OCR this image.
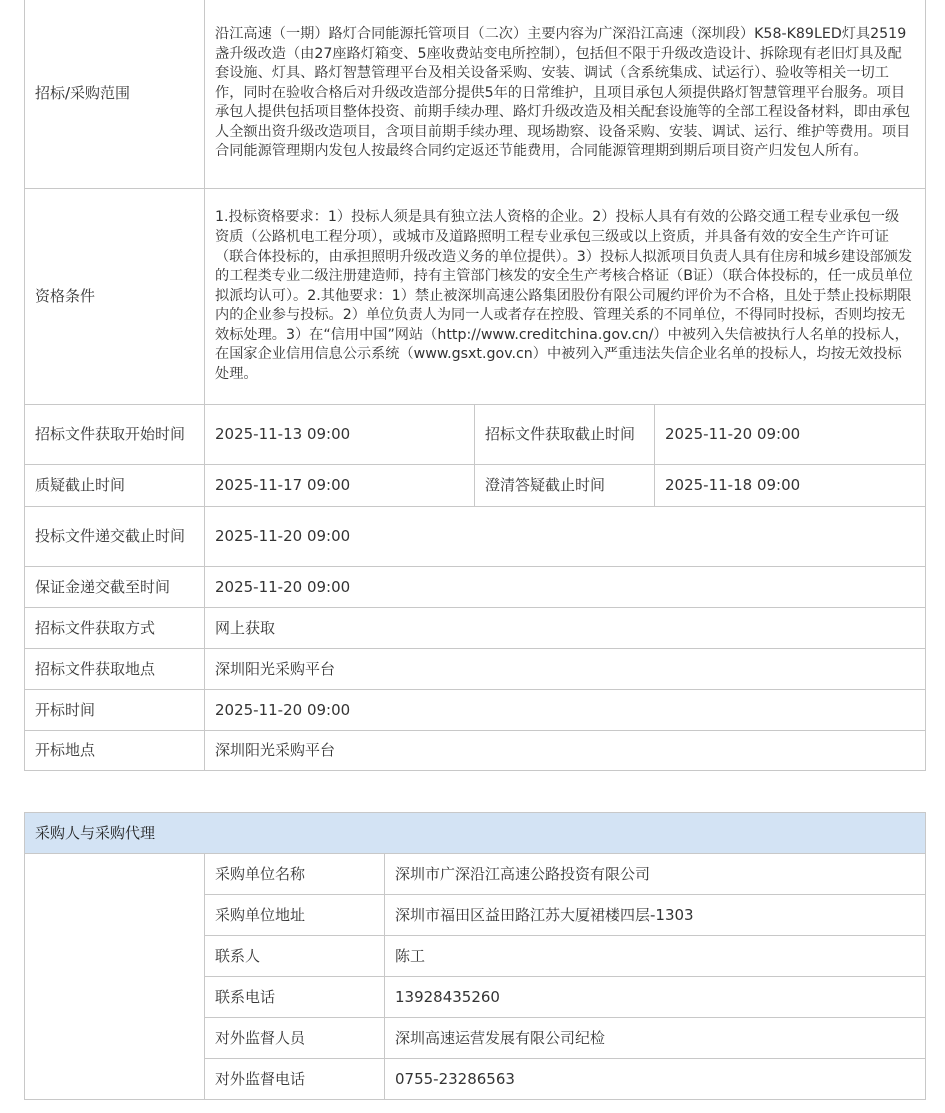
招标/采购范围	沿江高速（一期）路灯合同能源托管项目（二次）主要内容为广深沿江高速（深圳段）K58-K89LED灯具2519盏升级改造（由27座路灯箱变、5座收费站变电所控制），包括但不限于升级改造设计、拆除现有老旧灯具及配套设施、灯具、路灯智慧管理平台及相关设备采购、安装、调试（含系统集成、试运行）、验收等相关一切工作，同时在验收合格后对升级改造部分提供5年的日常维护，且项目承包人须提供路灯智慧管理平台服务。项目承包人提供包括项目整体投资、前期手续办理、路灯升级改造及相关配套设施等的全部工程设备材料，即由承包人全额出资升级改造项目，含项目前期手续办理、现场勘察、设备采购、安装、调试、运行、维护等费用。项目合同能源管理期内发包人按最终合同约定返还节能费用，合同能源管理期到期后项目资产归发包人所有。		
资格条件	1.投标资格要求：1）投标人须是具有独立法人资格的企业。2）投标人具有有效的公路交通工程专业承包一级资质（公路机电工程分项），或城市及道路照明工程专业承包三级或以上资质，并具备有效的安全生产许可证（联合体投标的，由承担照明升级改造义务的单位提供）。3）投标人拟派项目负责人具有住房和城乡建设部颁发的工程类专业二级注册建造师，持有主管部门核发的安全生产考核合格证（B证）（联合体投标的，任一成员单位拟派均认可）。2.其他要求：1）禁止被深圳高速公路集团股份有限公司履约评价为不合格，且处于禁止投标期限内的企业参与投标。2）单位负责人为同一人或者存在控股、管理关系的不同单位，不得同时投标，否则均按无效标处理。3）在“信用中国”网站（http://www.creditchina.gov.cn/）中被列入失信被执行人名单的投标人，在国家企业信用信息公示系统（www.gsxt.gov.cn）中被列入严重违法失信企业名单的投标人，均按无效投标处理。		
招标文件获取开始时间	2025-11-13 09:00	招标文件获取截止时间	2025-11-20 09:00
质疑截止时间	2025-11-17 09:00	澄清答疑截止时间	2025-11-18 09:00
投标文件递交截止时间	2025-11-20 09:00		
保证金递交截至时间	2025-11-20 09:00		
招标文件获取方式	网上获取		
招标文件获取地点	深圳阳光采购平台		
开标时间	2025-11-20 09:00		
开标地点	深圳阳光采购平台		
采购人与采购代理		
	采购单位名称	深圳市广深沿江高速公路投资有限公司
	采购单位地址	深圳市福田区益田路江苏大厦裙楼四层-1303
	联系人	陈工
	联系电话	13928435260
	对外监督人员	深圳高速运营发展有限公司纪检
	对外监督电话	0755-23286563
